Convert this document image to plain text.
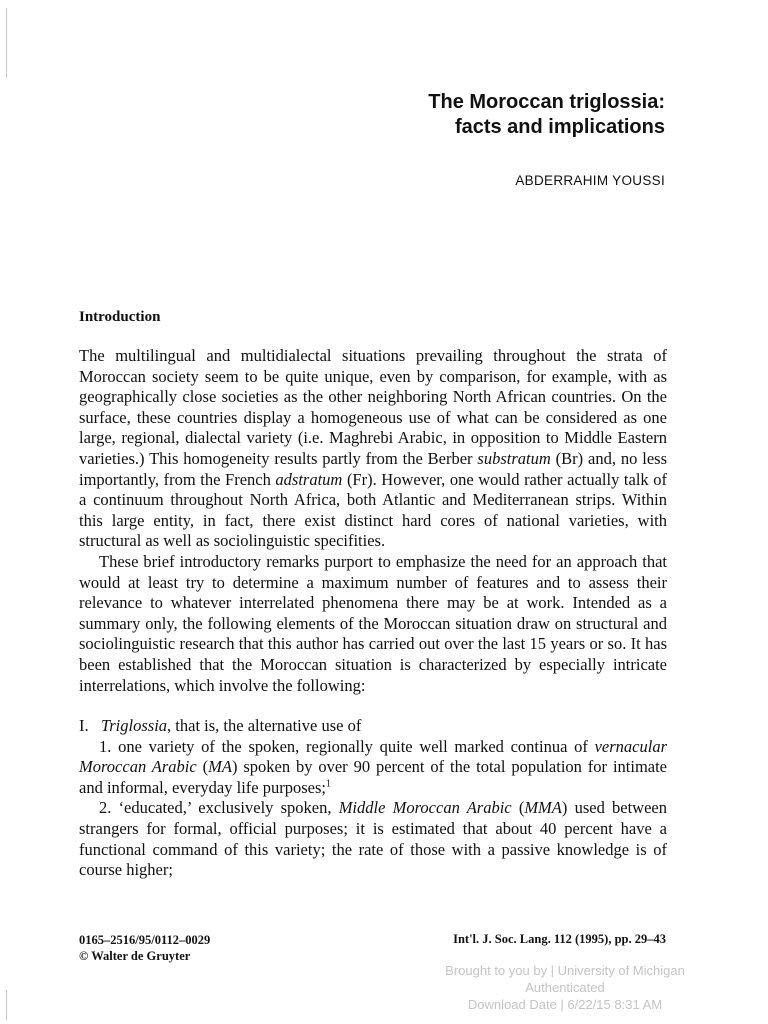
The Moroccan triglossia:
facts and implications
ABDERRAHIM YOUSSI
Introduction

The multilingual and multidialectal situations prevailing throughout the strata of Moroccan society seem to be quite unique, even by comparison, for example, with as geographically close societies as the other neighboring North African countries. On the surface, these countries display a homogeneous use of what can be considered as one large, regional, dialectal variety (i.e. Maghrebi Arabic, in opposition to Middle Eastern varieties.) This homogeneity results partly from the Berber substratum (Br) and, no less importantly, from the French adstratum (Fr). However, one would rather actually talk of a continuum throughout North Africa, both Atlantic and Mediterranean strips. Within this large entity, in fact, there exist distinct hard cores of national varieties, with structural as well as sociolinguistic specifities.

These brief introductory remarks purport to emphasize the need for an approach that would at least try to determine a maximum number of features and to assess their relevance to whatever interrelated phenomena there may be at work. Intended as a summary only, the following elements of the Moroccan situation draw on structural and sociolinguistic research that this author has carried out over the last 15 years or so. It has been established that the Moroccan situation is characterized by especially intricate interrelations, which involve the following:

I. Triglossia, that is, the alternative use of

1. one variety of the spoken, regionally quite well marked continua of vernacular Moroccan Arabic (MA) spoken by over 90 percent of the total population for intimate and informal, everyday life purposes;$^1$

2. ‘educated,’ exclusively spoken, Middle Moroccan Arabic (MMA) used between strangers for formal, official purposes; it is estimated that about 40 percent have a functional command of this variety; the rate of those with a passive knowledge is of course higher;

0165–2516/95/0112–0029
© Walter de Gruyter
Int'l. J. Soc. Lang. 112 (1995), pp. 29–43
Brought to you by | University of Michigan
Authenticated
Download Date | 6/22/15 8:31 AM
